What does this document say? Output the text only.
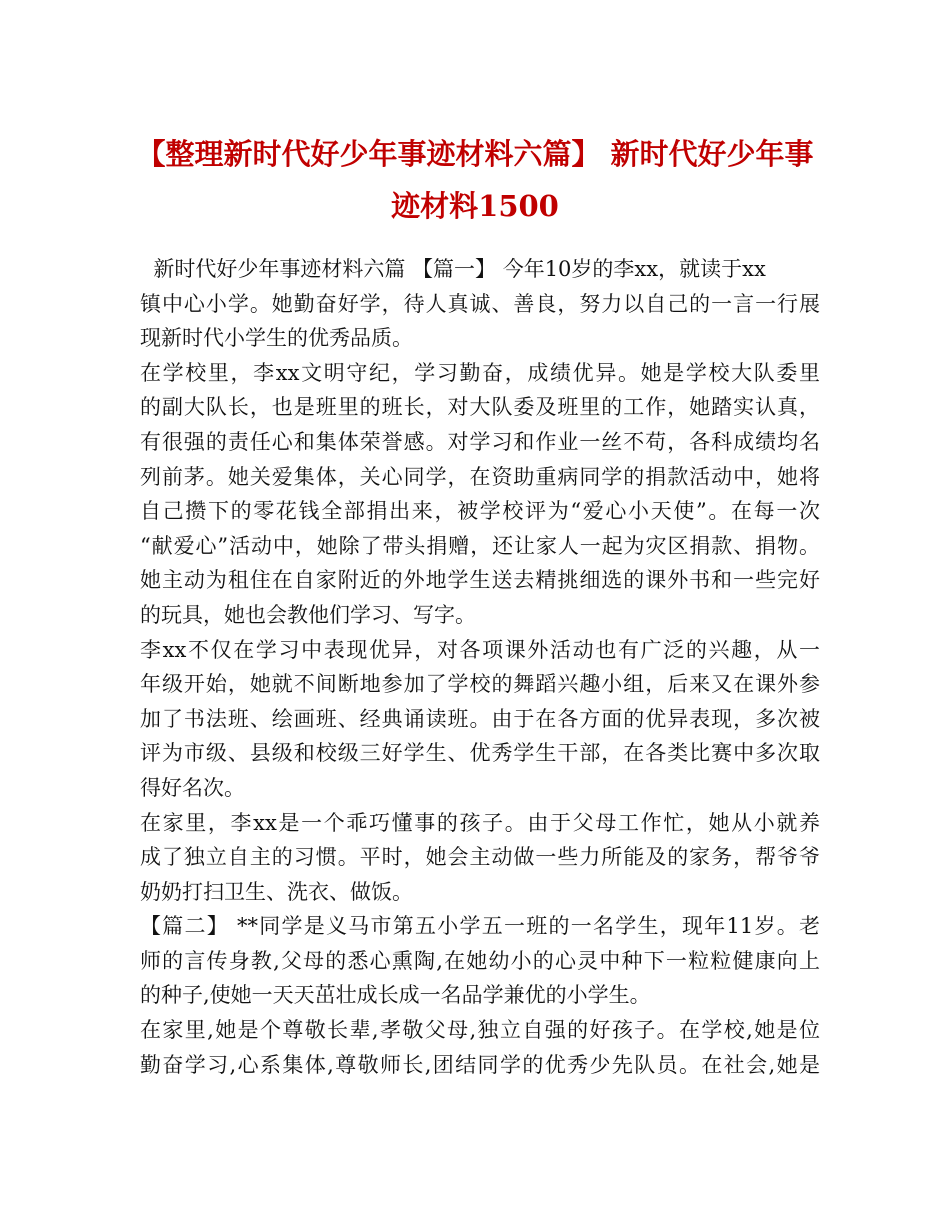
【整理新时代好少年事迹材料六篇】 新时代好少年事
迹材料1500
新时代好少年事迹材料六篇 【篇一】 今年10岁的李xx，就读于xx
镇中心小学。她勤奋好学，待人真诚、善良，努力以自己的一言一行展
现新时代小学生的优秀品质。
在学校里，李xx文明守纪，学习勤奋，成绩优异。她是学校大队委里
的副大队长，也是班里的班长，对大队委及班里的工作，她踏实认真，
有很强的责任心和集体荣誉感。对学习和作业一丝不苟，各科成绩均名
列前茅。她关爱集体，关心同学，在资助重病同学的捐款活动中，她将
自己攒下的零花钱全部捐出来，被学校评为“爱心小天使”。在每一次
“献爱心”活动中，她除了带头捐赠，还让家人一起为灾区捐款、捐物。
她主动为租住在自家附近的外地学生送去精挑细选的课外书和一些完好
的玩具，她也会教他们学习、写字。
李xx不仅在学习中表现优异，对各项课外活动也有广泛的兴趣，从一
年级开始，她就不间断地参加了学校的舞蹈兴趣小组，后来又在课外参
加了书法班、绘画班、经典诵读班。由于在各方面的优异表现，多次被
评为市级、县级和校级三好学生、优秀学生干部，在各类比赛中多次取
得好名次。
在家里，李xx是一个乖巧懂事的孩子。由于父母工作忙，她从小就养
成了独立自主的习惯。平时，她会主动做一些力所能及的家务，帮爷爷
奶奶打扫卫生、洗衣、做饭。
【篇二】 **同学是义马市第五小学五一班的一名学生，现年11岁。老
师的言传身教,父母的悉心熏陶,在她幼小的心灵中种下一粒粒健康向上
的种子,使她一天天茁壮成长成一名品学兼优的小学生。
在家里,她是个尊敬长辈,孝敬父母,独立自强的好孩子。在学校,她是位
勤奋学习,心系集体,尊敬师长,团结同学的优秀少先队员。在社会,她是
